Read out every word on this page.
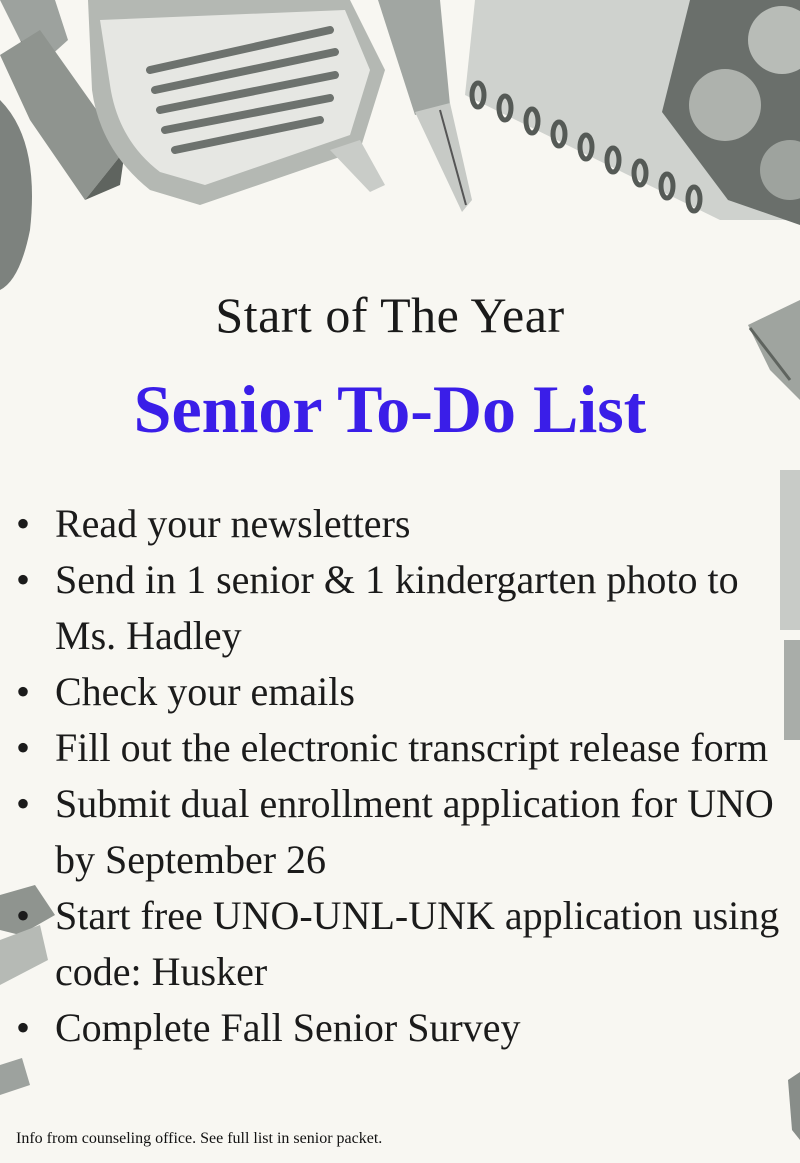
Start of The Year
Senior To-Do List
• Read your newsletters
• Send in 1 senior & 1 kindergarten photo to Ms. Hadley
• Check your emails
• Fill out the electronic transcript release form
• Submit dual enrollment application for UNO by September 26
• Start free UNO-UNL-UNK application using code: Husker
• Complete Fall Senior Survey
Info from counseling office. See full list in senior packet.
